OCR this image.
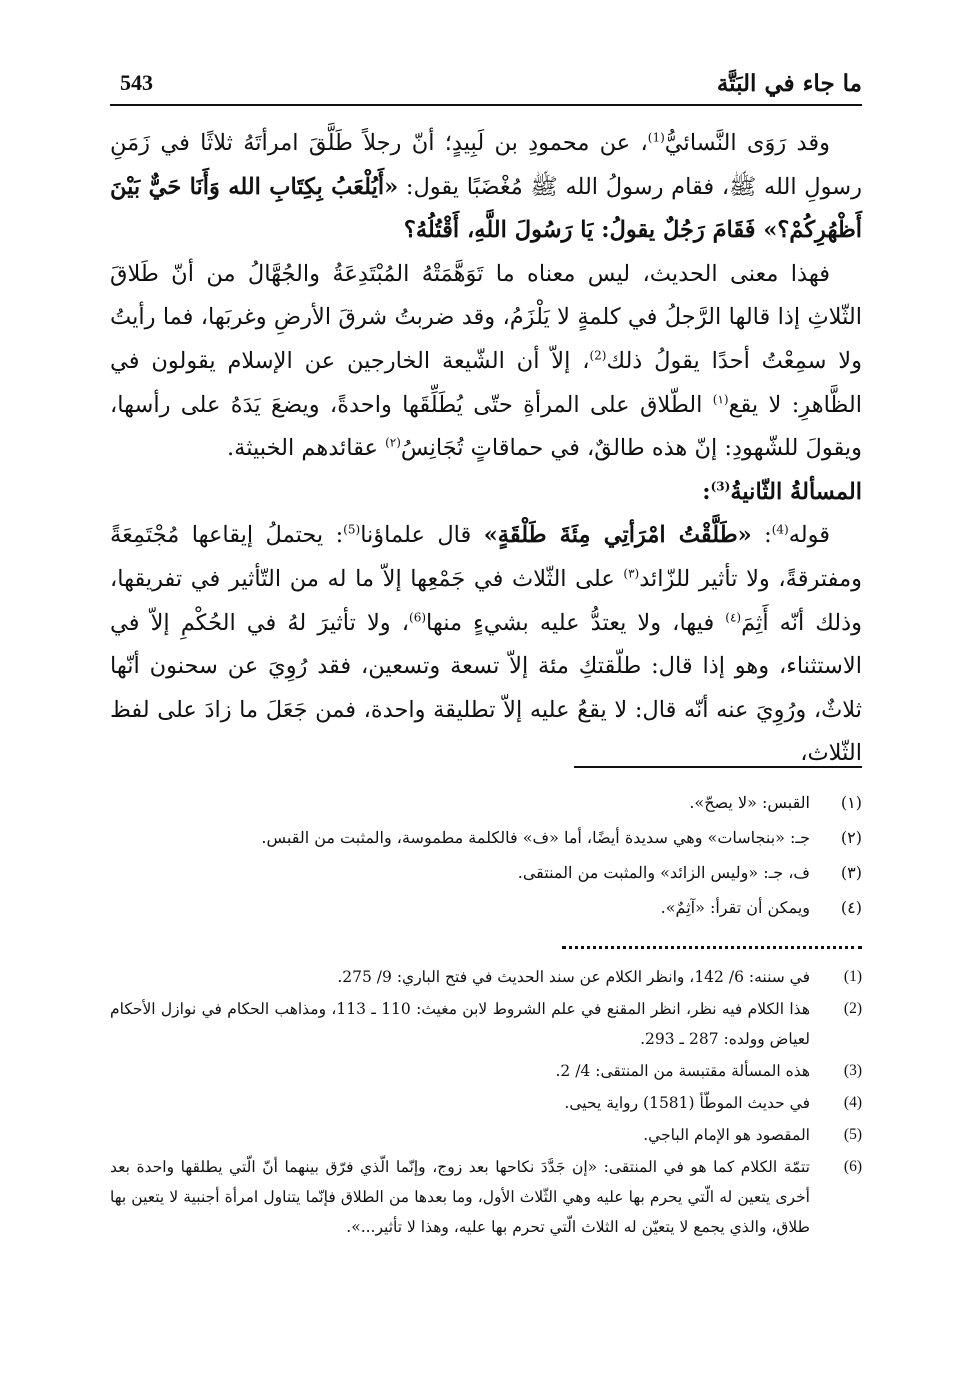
543	ما جاء في البَتَّة

وقد رَوَى النَّسائيُّ$^{(1)}$، عن محمودِ بن لَبِيدٍ؛ أنّ رجلاً طَلَّقَ امرأتَهُ ثلاثًا في زَمَنِ رسولِ الله ﷺ، فقام رسولُ الله ﷺ مُغْضَبًا يقول: «أَيُلْعَبُ بِكِتَابِ الله وَأَنَا حَيٌّ بَيْنَ أَظْهُرِكُمْ؟» فَقَامَ رَجُلٌ يقولُ: يَا رَسُولَ اللَّهِ، أَقْتُلُهُ؟

فهذا معنى الحديث، ليس معناه ما تَوَهَّمَتْهُ المُبْتَدِعَةُ والجُهَّالُ من أنّ طَلاقَ الثّلاثِ إذا قالها الرَّجلُ في كلمةٍ لا يَلْزَمُ، وقد ضربتُ شرقَ الأرضِ وغربَها، فما رأيتُ ولا سمِعْتُ أحدًا يقولُ ذلك$^{(2)}$، إلاّ أن الشّيعة الخارجين عن الإسلام يقولون في الظَّاهرِ: لا يقع$^{(١)}$ الطّلاق على المرأةِ حتّى يُطَلِّقَها واحدةً، ويضعَ يَدَهُ على رأسها، ويقولَ للشّهودِ: إنّ هذه طالقٌ، في حماقاتٍ تُجَانِسُ$^{(٢)}$ عقائدهم الخبيثة.

المسألةُ الثّانيةُ$^{(3)}$:

قوله$^{(4)}$: «طَلَّقْتُ امْرَأتِي مِئَةَ طَلْقَةٍ» قال علماؤنا$^{(5)}$: يحتملُ إيقاعها مُجْتَمِعَةً ومفترقةً، ولا تأثير للزّائد$^{(٣)}$ على الثّلاث في جَمْعِها إلاّ ما له من التّأثير في تفريقها، وذلك أنّه أَثِمَ$^{(٤)}$ فيها، ولا يعتدُّ عليه بشيءٍ منها$^{(6)}$، ولا تأثيرَ لهُ في الحُكْمِ إلاّ في الاستثناء، وهو إذا قال: طلّقتكِ مئة إلاّ تسعة وتسعين، فقد رُوِيَ عن سحنون أنّها ثلاثٌ، ورُوِيَ عنه أنّه قال: لا يقعُ عليه إلاّ تطليقة واحدة، فمن جَعَلَ ما زادَ على لفظ الثّلاث،

(١)
القبس: «لا يصحّ».

(٢)
جـ: «بنجاسات» وهي سديدة أيضًا، أما «ف» فالكلمة مطموسة، والمثبت من القبس.

(٣)
ف، جـ: «وليس الزائد» والمثبت من المنتقى.

(٤)
ويمكن أن تقرأ: «آثِمٌ».

(1)
في سننه: 6/ 142، وانظر الكلام عن سند الحديث في فتح الباري: 9/ 275.

(2)
هذا الكلام فيه نظر، انظر المقنع في علم الشروط لابن مغيث: 110 ـ 113، ومذاهب الحكام في نوازل الأحكام لعياض وولده: 287 ـ 293.

(3)
هذه المسألة مقتبسة من المنتقى: 4/ 2.

(4)
في حديث الموطّأ (1581) رواية يحيى.

(5)
المقصود هو الإمام الباجي.

(6)
تتمّة الكلام كما هو في المنتقى: «إن جَدَّدَ نكاحها بعد زوج، وإنّما الّذي فرّق بينهما أنّ الّتي يطلقها واحدة بعد أخرى يتعين له الّتي يحرم بها عليه وهي الثّلاث الأول، وما بعدها من الطلاق فإنّما يتناول امرأة أجنبية لا يتعين بها طلاق، والذي يجمع لا يتعيّن له الثلاث الّتي تحرم بها عليه، وهذا لا تأثير...».
